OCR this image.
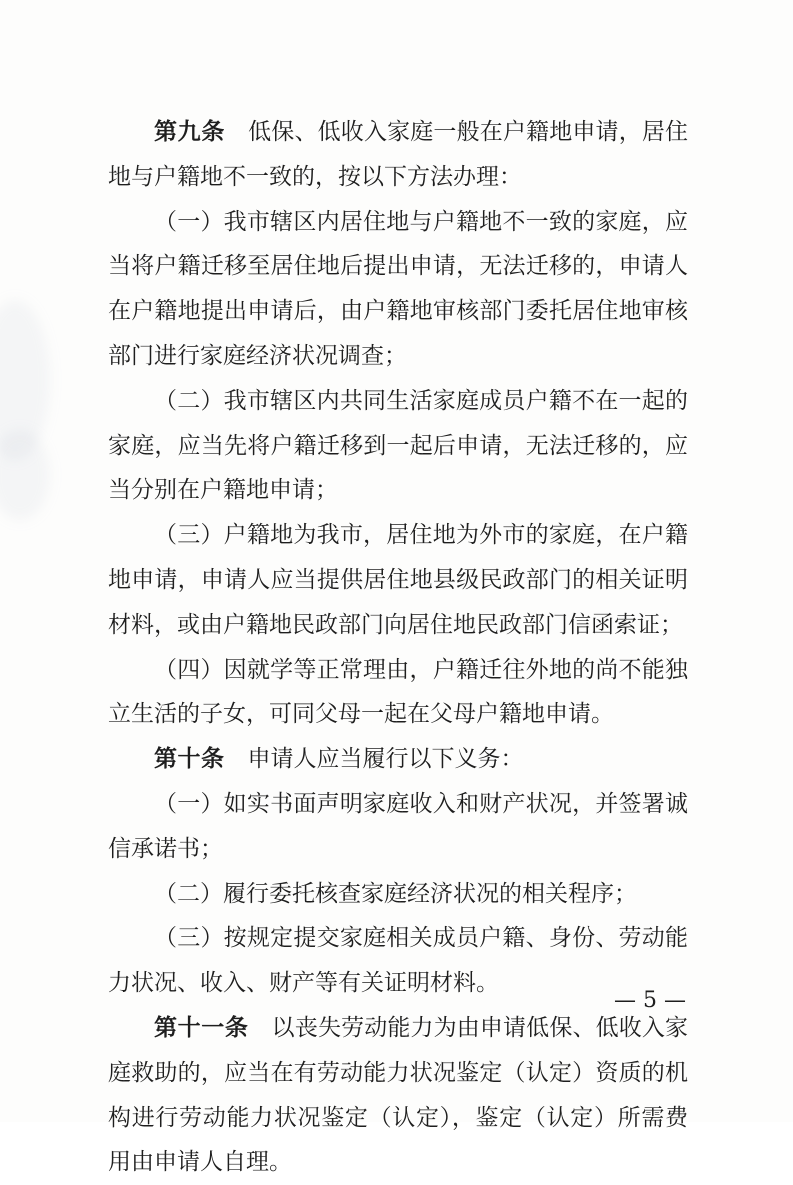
第九条 低保、低收入家庭一般在户籍地申请，居住地与户籍地不一致的，按以下方法办理：

（一）我市辖区内居住地与户籍地不一致的家庭，应当将户籍迁移至居住地后提出申请，无法迁移的，申请人在户籍地提出申请后，由户籍地审核部门委托居住地审核部门进行家庭经济状况调查；

（二）我市辖区内共同生活家庭成员户籍不在一起的家庭，应当先将户籍迁移到一起后申请，无法迁移的，应当分别在户籍地申请；

（三）户籍地为我市，居住地为外市的家庭，在户籍地申请，申请人应当提供居住地县级民政部门的相关证明材料，或由户籍地民政部门向居住地民政部门信函索证；

（四）因就学等正常理由，户籍迁往外地的尚不能独立生活的子女，可同父母一起在父母户籍地申请。

第十条 申请人应当履行以下义务：

（一）如实书面声明家庭收入和财产状况，并签署诚信承诺书；

（二）履行委托核查家庭经济状况的相关程序；

（三）按规定提交家庭相关成员户籍、身份、劳动能力状况、收入、财产等有关证明材料。

第十一条 以丧失劳动能力为由申请低保、低收入家庭救助的，应当在有劳动能力状况鉴定（认定）资质的机构进行劳动能力状况鉴定（认定），鉴定（认定）所需费用由申请人自理。

— 5 —
